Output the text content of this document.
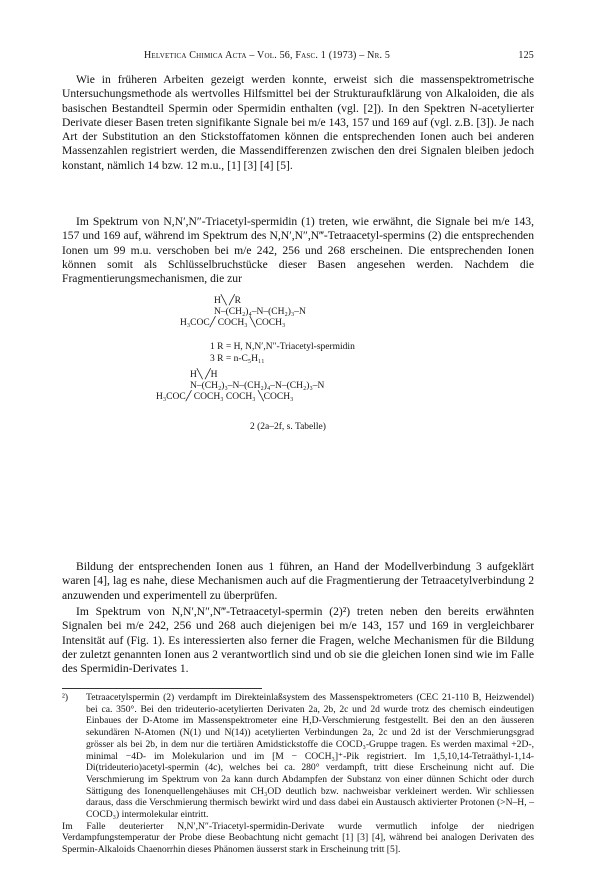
Helvetica Chimica Acta – Vol. 56, Fasc. 1 (1973) – Nr. 5	125

Wie in früheren Arbeiten gezeigt werden konnte, erweist sich die massenspektrometrische Untersuchungsmethode als wertvolles Hilfsmittel bei der Strukturaufklärung von Alkaloiden, die als basischen Bestandteil Spermin oder Spermidin enthalten (vgl. [2]). In den Spektren N-acetylierter Derivate dieser Basen treten signifikante Signale bei m/e 143, 157 und 169 auf (vgl. z.B. [3]). Je nach Art der Substitution an den Stickstoffatomen können die entsprechenden Ionen auch bei anderen Massenzahlen registriert werden, die Massendifferenzen zwischen den drei Signalen bleiben jedoch konstant, nämlich 14 bzw. 12 m.u., [1] [3] [4] [5].

Im Spektrum von N,N′,N″-Triacetyl-spermidin (1) treten, wie erwähnt, die Signale bei m/e 143, 157 und 169 auf, während im Spektrum des N,N′,N″,N‴-Tetraacetyl-spermins (2) die entsprechenden Ionen um 99 m.u. verschoben bei m/e 242, 256 und 268 erscheinen. Die entsprechenden Ionen können somit als Schlüsselbruchstücke dieser Basen angesehen werden. Nachdem die Fragmentierungsmechanismen, die zur

H╲ ╱R
N–(CH₂)₄–N–(CH₂)₃–N
H₃COC╱ COCH₃ ╲COCH₃
1 R = H, N,N′,N″-Triacetyl-spermidin
3 R = n-C₅H₁₁
H╲ ╱H
N–(CH₂)₃–N–(CH₂)₄–N–(CH₂)₃–N
H₃COC╱ COCH₃ COCH₃ ╲COCH₃
2 (2a–2f, s. Tabelle)

Bildung der entsprechenden Ionen aus 1 führen, an Hand der Modellverbindung 3 aufgeklärt waren [4], lag es nahe, diese Mechanismen auch auf die Fragmentierung der Tetraacetylverbindung 2 anzuwenden und experimentell zu überprüfen.

Im Spektrum von N,N′,N″,N‴-Tetraacetyl-spermin (2)²) treten neben den bereits erwähnten Signalen bei m/e 242, 256 und 268 auch diejenigen bei m/e 143, 157 und 169 in vergleichbarer Intensität auf (Fig. 1). Es interessierten also ferner die Fragen, welche Mechanismen für die Bildung der zuletzt genannten Ionen aus 2 verantwortlich sind und ob sie die gleichen Ionen sind wie im Falle des Spermidin-Derivates 1.

²) Tetraacetylspermin (2) verdampft im Direkteinlaßsystem des Massenspektrometers (CEC 21-110 B, Heizwendel) bei ca. 350°. Bei den trideuterio-acetylierten Derivaten 2a, 2b, 2c und 2d wurde trotz des chemisch eindeutigen Einbaues der D-Atome im Massenspektrometer eine H,D-Verschmierung festgestellt. Bei den an den äusseren sekundären N-Atomen (N(1) und N(14)) acetylierten Verbindungen 2a, 2c und 2d ist der Verschmierungsgrad grösser als bei 2b, in dem nur die tertiären Amidstickstoffe die COCD₃-Gruppe tragen. Es werden maximal +2D-, minimal −4D- im Molekularion und im [M − COCH₃]⁺-Pik registriert. Im 1,5,10,14-Tetraäthyl-1,14-Di(trideuterio)acetyl-spermin (4c), welches bei ca. 280° verdampft, tritt diese Erscheinung nicht auf. Die Verschmierung im Spektrum von 2a kann durch Abdampfen der Substanz von einer dünnen Schicht oder durch Sättigung des Ionenquellengehäuses mit CH₃OD deutlich bzw. nachweisbar verkleinert werden. Wir schliessen daraus, dass die Verschmierung thermisch bewirkt wird und dass dabei ein Austausch aktivierter Protonen (>N–H, –COCD₃) intermolekular eintritt.

Im Falle deuterierter N,N′,N″-Triacetyl-spermidin-Derivate wurde vermutlich infolge der niedrigen Verdampfungstemperatur der Probe diese Beobachtung nicht gemacht [1] [3] [4], während bei analogen Derivaten des Spermin-Alkaloids Chaenorrhin dieses Phänomen äusserst stark in Erscheinung tritt [5].
